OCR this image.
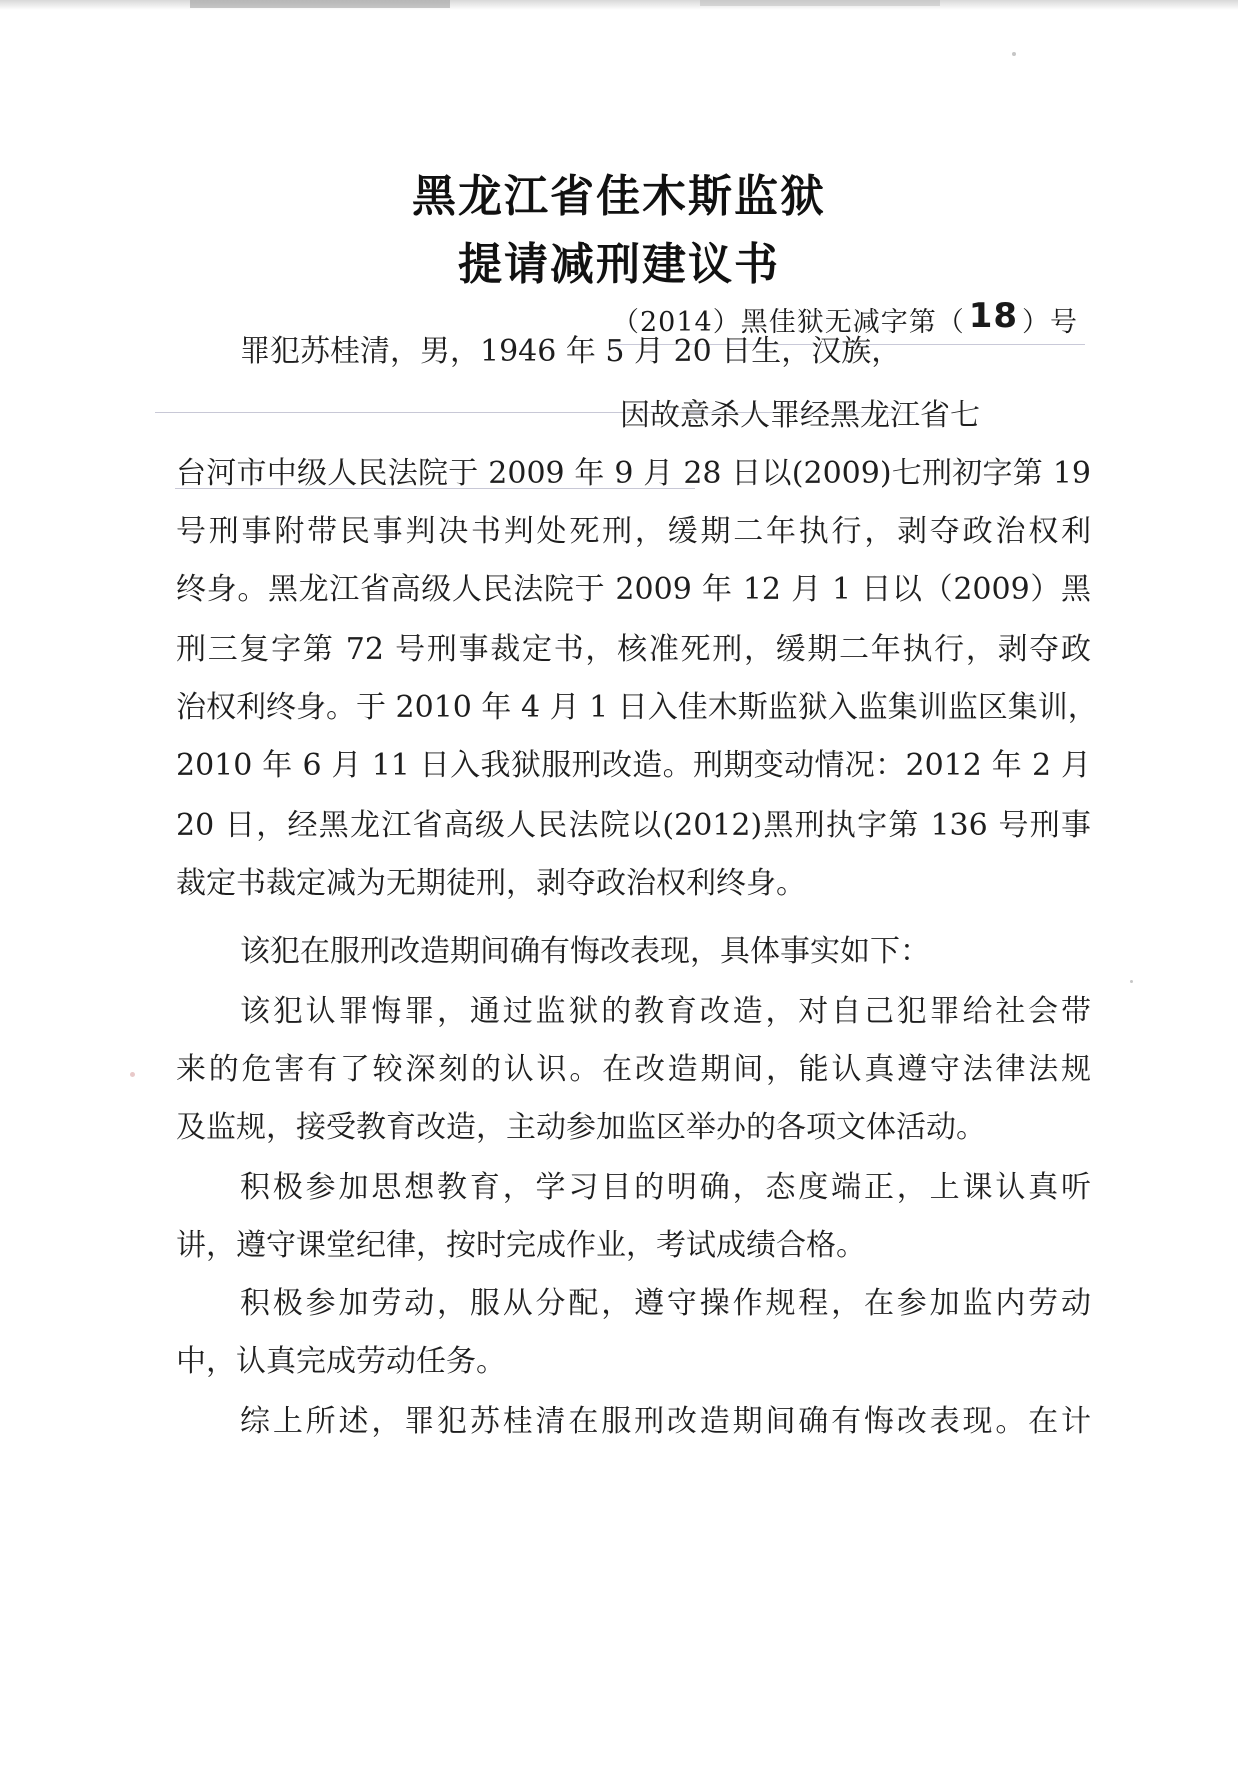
黑龙江省佳木斯监狱
提请减刑建议书
（2014）黑佳狱无减字第（ 18 ）号
罪犯苏桂清，男，1946 年 5 月 20 日生，汉族，
因故意杀人罪经黑龙江省七
台河市中级人民法院于 2009 年 9 月 28 日以(2009)七刑初字第 19
号刑事附带民事判决书判处死刑，缓期二年执行，剥夺政治权利
终身。黑龙江省高级人民法院于 2009 年 12 月 1 日以（2009）黑
刑三复字第 72 号刑事裁定书，核准死刑，缓期二年执行，剥夺政
治权利终身。于 2010 年 4 月 1 日入佳木斯监狱入监集训监区集训，
2010 年 6 月 11 日入我狱服刑改造。刑期变动情况：2012 年 2 月
20 日，经黑龙江省高级人民法院以(2012)黑刑执字第 136 号刑事
裁定书裁定减为无期徒刑，剥夺政治权利终身。
该犯在服刑改造期间确有悔改表现，具体事实如下：
该犯认罪悔罪，通过监狱的教育改造，对自己犯罪给社会带
来的危害有了较深刻的认识。在改造期间，能认真遵守法律法规
及监规，接受教育改造，主动参加监区举办的各项文体活动。
积极参加思想教育，学习目的明确，态度端正，上课认真听
讲，遵守课堂纪律，按时完成作业，考试成绩合格。
积极参加劳动，服从分配，遵守操作规程，在参加监内劳动
中，认真完成劳动任务。
综上所述，罪犯苏桂清在服刑改造期间确有悔改表现。在计
